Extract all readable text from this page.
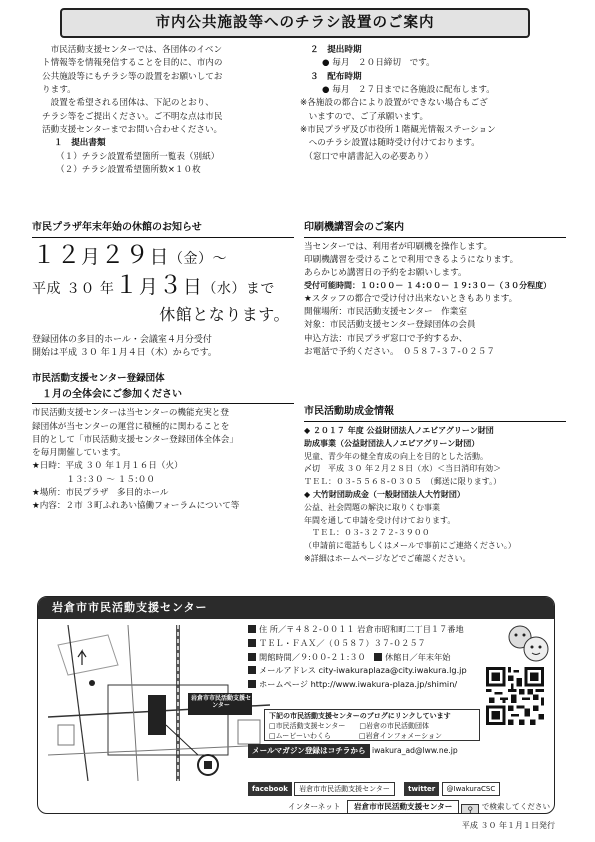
市内公共施設等へのチラシ設置のご案内

　市民活動支援センターでは、各団体のイベン

ト情報等を情報発信することを目的に、市内の

公共施設等にもチラシ等の設置をお願いしてお

ります。

　設置を希望される団体は、下記のとおり、

チラシ等をご提出ください。ご不明な点は市民

活動支援センターまでお問い合わせください。

１　提出書類

（１）チラシ設置希望箇所一覧表（別紙）

（２）チラシ設置希望箇所数×１０枚

２　提出時期

● 毎月　２０日締切　です。

３　配布時期

● 毎月　２７日までに各施設に配布します。

※各施設の都合により設置ができない場合もござ

　いますので、ご了承願います。

※市民プラザ及び市役所１階観光情報ステーション

　へのチラシ設置は随時受け付けております。

　（窓口で申請書記入の必要あり）

市民プラザ年末年始の休館のお知らせ
１２月２９日（金）～
平成 ３０ 年１月３日（水）まで
休館となります。

登録団体の多目的ホール・会議室４月分受付

開始は平成 ３０ 年１月４日（木）からです。

印刷機講習会のご案内

当センターでは、利用者が印刷機を操作します。

印刷機講習を受けることで利用できるようになります。

あらかじめ講習日の予約をお願いします。

受付可能時間：１０:００－ １４:００－ １９:３０－（３０分程度）

★スタッフの都合で受け付け出来ないときもあります。

開催場所：市民活動支援センター　作業室

対象：市民活動支援センター登録団体の会員

申込方法：市民プラザ窓口で予約するか、

お電話で予約ください。　０５８７-３７-０２５７

市民活動支援センター登録団体

　１月の全体会にご参加ください

市民活動支援センターは当センターの機能充実と登

録団体が当センターの運営に積極的に関わることを

目的として「市民活動支援センター登録団体全体会」

を毎月開催しています。

★日時：平成 ３０ 年１月１６日（火）

　　　　１３:３０ ～ １５:００

★場所：市民プラザ　多目的ホール

★内容：２市 ３町ふれあい協働フォーラムについて等

市民活動助成金情報

◆ ２０１７ 年度 公益財団法人ノエビアグリーン財団

助成事業（公益財団法人ノエビアグリーン財団）

児童、青少年の健全育成の向上を目的とした活動。

〆切　平成 ３０ 年２月２８日（水）＜当日消印有効＞

ＴＥＬ：０３-５５６８-０３０５　（郵送に限ります。）

◆ 大竹財団助成金（一般財団法人大竹財団）

公益、社会問題の解決に取りくむ事業

年間を通して申請を受け付けております。

　ＴＥＬ：０３-３２７２-３９００

（申請前に電話もしくはメールで事前にご連絡ください。）

※詳細はホームページなどでご確認ください。

岩倉市市民活動支援センター
岩倉市市民活動支援センター

住 所／〒４８２-００１１ 岩倉市昭和町二丁目１７番地

ＴＥＬ・ＦＡＸ／（０５８７）３７-０２５７

開館時間／９:００-２１:３０　 休館日／年末年始

メールアドレス city-iwakuraplaza@city.iwakura.lg.jp

ホームページ http://www.iwakura-plaza.jp/shimin/

下記の市民活動支援センターのブログにリンクしています

□市民活動支援センター　　□岩倉の市民活動団体

□ムービーいわくら　　　　□岩倉インフォメーション

メールマガジン登録はコチラから iwakura_ad@lww.ne.jp
facebook 岩倉市市民活動支援センター 　	twitter @IwakuraCSC
インターネット 岩倉市市民活動支援センター ⚲ で検索してください
平成 ３０ 年１月１日発行
